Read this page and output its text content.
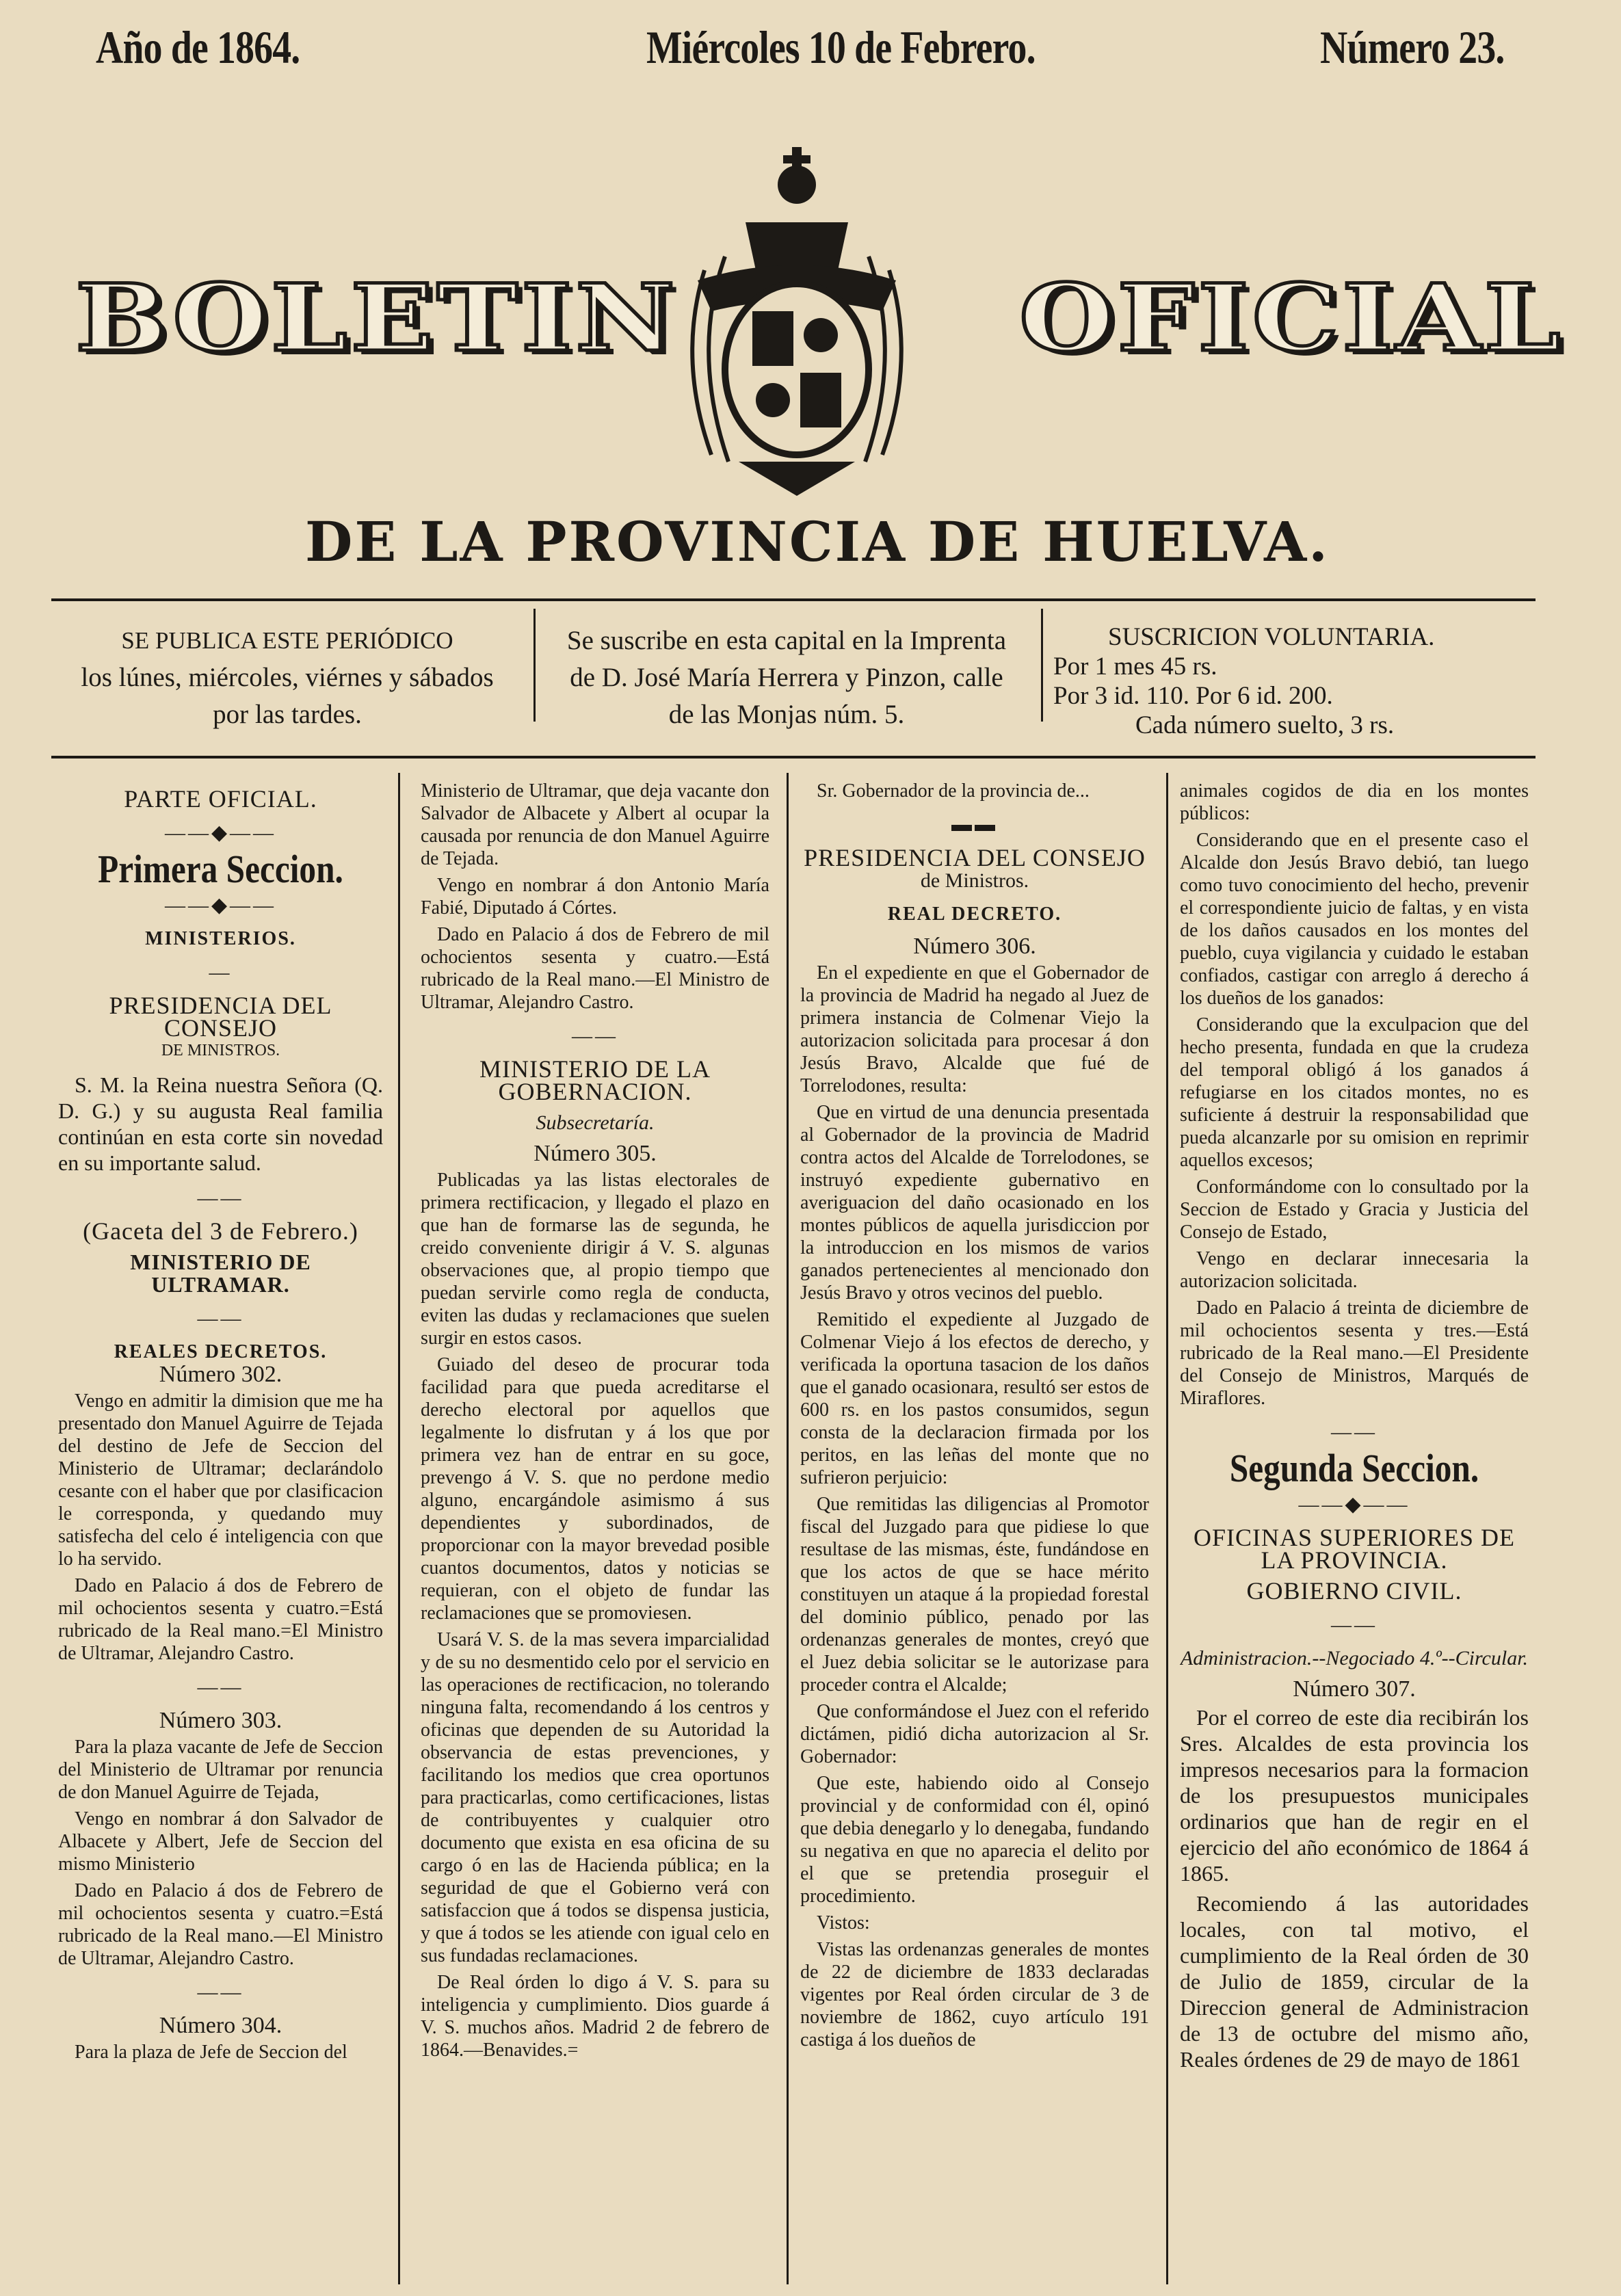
Año de 1864.	Miércoles 10 de Febrero.	Número 23.
BOLETIN	OFICIAL
DE LA PROVINCIA DE HUELVA.
SE PUBLICA ESTE PERIÓDICO
los lúnes, miércoles, viérnes y sábados
por las tardes.
Se suscribe en esta capital en la Imprenta
de D. José María Herrera y Pinzon, calle
de las Monjas núm. 5.
SUSCRICION VOLUNTARIA.
Por 1 mes 45 rs.
Por 3 id. 110. Por 6 id. 200.
Cada número suelto, 3 rs.
PARTE OFICIAL.
——◆——
Primera Seccion.
——◆——
MINISTERIOS.
—
PRESIDENCIA DEL CONSEJO
DE MINISTROS.

S. M. la Reina nuestra Señora (Q. D. G.) y su augusta Real familia continúan en esta corte sin novedad en su importante salud.

——
(Gaceta del 3 de Febrero.)
MINISTERIO DE ULTRAMAR.
——
REALES DECRETOS.
Número 302.

Vengo en admitir la dimision que me ha presentado don Manuel Aguirre de Tejada del destino de Jefe de Seccion del Ministerio de Ultramar; declarándolo cesante con el haber que por clasificacion le corresponda, y quedando muy satisfecha del celo é inteligencia con que lo ha servido.

Dado en Palacio á dos de Febrero de mil ochocientos sesenta y cuatro.=Está rubricado de la Real mano.=El Ministro de Ultramar, Alejandro Castro.

——
Número 303.

Para la plaza vacante de Jefe de Seccion del Ministerio de Ultramar por renuncia de don Manuel Aguirre de Tejada,

Vengo en nombrar á don Salvador de Albacete y Albert, Jefe de Seccion del mismo Ministerio

Dado en Palacio á dos de Febrero de mil ochocientos sesenta y cuatro.=Está rubricado de la Real mano.—El Ministro de Ultramar, Alejandro Castro.

——
Número 304.

Para la plaza de Jefe de Seccion del

Ministerio de Ultramar, que deja vacante don Salvador de Albacete y Albert al ocupar la causada por renuncia de don Manuel Aguirre de Tejada.

Vengo en nombrar á don Antonio María Fabié, Diputado á Córtes.

Dado en Palacio á dos de Febrero de mil ochocientos sesenta y cuatro.—Está rubricado de la Real mano.—El Ministro de Ultramar, Alejandro Castro.

——
MINISTERIO DE LA GOBERNACION.
Subsecretaría.
Número 305.

Publicadas ya las listas electorales de primera rectificacion, y llegado el plazo en que han de formarse las de segunda, he creido conveniente dirigir á V. S. algunas observaciones que, al propio tiempo que puedan servirle como regla de conducta, eviten las dudas y reclamaciones que suelen surgir en estos casos.

Guiado del deseo de procurar toda facilidad para que pueda acreditarse el derecho electoral por aquellos que legalmente lo disfrutan y á los que por primera vez han de entrar en su goce, prevengo á V. S. que no perdone medio alguno, encargándole asimismo á sus dependientes y subordinados, de proporcionar con la mayor brevedad posible cuantos documentos, datos y noticias se requieran, con el objeto de fundar las reclamaciones que se promoviesen.

Usará V. S. de la mas severa imparcialidad y de su no desmentido celo por el servicio en las operaciones de rectificacion, no tolerando ninguna falta, recomendando á los centros y oficinas que dependen de su Autoridad la observancia de estas prevenciones, y facilitando los medios que crea oportunos para practicarlas, como certificaciones, listas de contribuyentes y cualquier otro documento que exista en esa oficina de su cargo ó en las de Hacienda pública; en la seguridad de que el Gobierno verá con satisfaccion que á todos se dispensa justicia, y que á todos se les atiende con igual celo en sus fundadas reclamaciones.

De Real órden lo digo á V. S. para su inteligencia y cumplimiento. Dios guarde á V. S. muchos años. Madrid 2 de febrero de 1864.—Benavides.=

Sr. Gobernador de la provincia de...

▬▬
PRESIDENCIA DEL CONSEJO
de Ministros.
REAL DECRETO.
Número 306.

En el expediente en que el Gobernador de la provincia de Madrid ha negado al Juez de primera instancia de Colmenar Viejo la autorizacion solicitada para procesar á don Jesús Bravo, Alcalde que fué de Torrelodones, resulta:

Que en virtud de una denuncia presentada al Gobernador de la provincia de Madrid contra actos del Alcalde de Torrelodones, se instruyó expediente gubernativo en averiguacion del daño ocasionado en los montes públicos de aquella jurisdiccion por la introduccion en los mismos de varios ganados pertenecientes al mencionado don Jesús Bravo y otros vecinos del pueblo.

Remitido el expediente al Juzgado de Colmenar Viejo á los efectos de derecho, y verificada la oportuna tasacion de los daños que el ganado ocasionara, resultó ser estos de 600 rs. en los pastos consumidos, segun consta de la declaracion firmada por los peritos, en las leñas del monte que no sufrieron perjuicio:

Que remitidas las diligencias al Promotor fiscal del Juzgado para que pidiese lo que resultase de las mismas, éste, fundándose en que los actos de que se hace mérito constituyen un ataque á la propiedad forestal del dominio público, penado por las ordenanzas generales de montes, creyó que el Juez debia solicitar se le autorizase para proceder contra el Alcalde;

Que conformándose el Juez con el referido dictámen, pidió dicha autorizacion al Sr. Gobernador:

Que este, habiendo oido al Consejo provincial y de conformidad con él, opinó que debia denegarlo y lo denegaba, fundando su negativa en que no aparecia el delito por el que se pretendia proseguir el procedimiento.

Vistos:

Vistas las ordenanzas generales de montes de 22 de diciembre de 1833 declaradas vigentes por Real órden circular de 3 de noviembre de 1862, cuyo artículo 191 castiga á los dueños de

animales cogidos de dia en los montes públicos:

Considerando que en el presente caso el Alcalde don Jesús Bravo debió, tan luego como tuvo conocimiento del hecho, prevenir el correspondiente juicio de faltas, y en vista de los daños causados en los montes del pueblo, cuya vigilancia y cuidado le estaban confiados, castigar con arreglo á derecho á los dueños de los ganados:

Considerando que la exculpacion que del hecho presenta, fundada en que la crudeza del temporal obligó á los ganados á refugiarse en los citados montes, no es suficiente á destruir la responsabilidad que pueda alcanzarle por su omision en reprimir aquellos excesos;

Conformándome con lo consultado por la Seccion de Estado y Gracia y Justicia del Consejo de Estado,

Vengo en declarar innecesaria la autorizacion solicitada.

Dado en Palacio á treinta de diciembre de mil ochocientos sesenta y tres.—Está rubricado de la Real mano.—El Presidente del Consejo de Ministros, Marqués de Miraflores.

——
Segunda Seccion.
——◆——
OFICINAS SUPERIORES DE LA PROVINCIA.
GOBIERNO CIVIL.
——
Administracion.--Negociado 4.º--Circular.
Número 307.

Por el correo de este dia recibirán los Sres. Alcaldes de esta provincia los impresos necesarios para la formacion de los presupuestos municipales ordinarios que han de regir en el ejercicio del año económico de 1864 á 1865.

Recomiendo á las autoridades locales, con tal motivo, el cumplimiento de la Real órden de 30 de Julio de 1859, circular de la Direccion general de Administracion de 13 de octubre del mismo año, Reales órdenes de 29 de mayo de 1861
